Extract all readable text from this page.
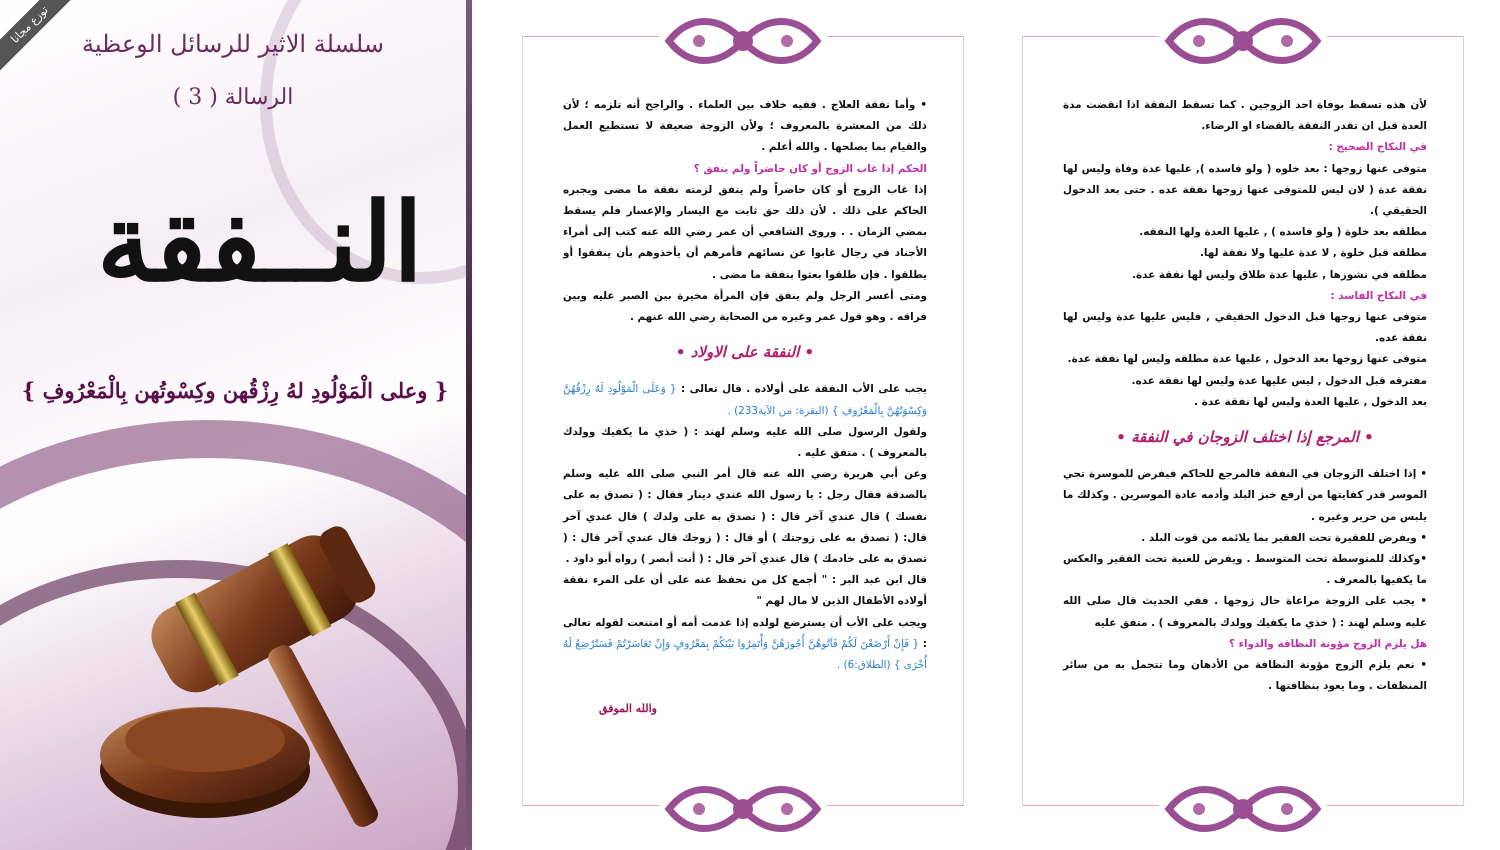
توزع مجانا	سلسلة الاثير للرسائل الوعظية
الرسالة ( 3 )
النــفقة
{ وعلى الْمَوْلُودِ لهُ رِزْقُهن وكِسْوتُهن بِالْمَعْرُوفِ }

• وأما نفقة العلاج . ففيه خلاف بين العلماء . والراجح أنه تلزمه ؛ لأن ذلك من المعشرة بالمعروف ؛ ولأن الزوجة ضعيفة لا تستطيع العمل والقيام بما يصلحها . والله أعلم .

الحكم إذا غاب الزوج أو كان حاضراً ولم ينفق ؟

إذا غاب الزوج أو كان حاضراً ولم ينفق لزمته نفقة ما مضى ويجبره الحاكم على ذلك . لأن ذلك حق ثابت مع اليسار والإعسار فلم يسقط بمضي الزمان . . وروى الشافعي أن عمر رضي الله عنه كتب إلى أمراء الأجناد في رجال غابوا عن نسائهم فأمرهم أن يأخذوهم بأن ينفقوا أو يطلقوا . فإن طلقوا بعثوا بنفقة ما مضى .

ومتى أعسر الرجل ولم ينفق فإن المرأة مخيرة بين الصبر عليه وبين فراقه . وهو قول عمر وغيره من الصحابة رضي الله عنهم .

• النفقة على الاولاد •

يجب على الأب النفقة على أولاده . قال تعالى : { وَعَلَى الْمَوْلُودِ لَهُ رِزْقُهُنَّ وَكِسْوَتُهُنَّ بِالْمَعْرُوفِ } (البقرة: من الآية233) .

ولقول الرسول صلى الله عليه وسلم لهند : ( خذي ما يكفيك وولدك بالمعروف ) . متفق عليه .

وعن أبي هريرة رضي الله عنه قال أمر النبي صلى الله عليه وسلم بالصدقة فقال رجل : يا رسول الله عندي دينار فقال : ( تصدق به على نفسك ) قال عندي آخر قال : ( تصدق به على ولدك ) قال عندي آخر قال: ( تصدق به على زوجتك ) أو قال : ( زوجك قال عندي آخر قال : ( تصدق به على خادمك ) قال عندي آخر قال : ( أنت أبصر ) رواه أبو داود .

قال ابن عبد البر : " أجمع كل من نحفظ عنه على أن على المرء نفقة أولاده الأطفال الذين لا مال لهم "

ويجب على الأب أن يسترضع لولده إذا عدمت أمه أو امتنعت لقوله تعالى : { فَإِنْ أَرْضَعْنَ لَكُمْ فَآتُوهُنَّ أُجُورَهُنَّ وَأْتَمِرُوا بَيْنَكُمْ بِمَعْرُوفٍ وَإِنْ تَعَاسَرْتُمْ فَسَتُرْضِعُ لَهُ أُخْرَى } (الطلاق:6) .

والله الموفق

لأن هذه تسقط بوفاة احد الزوجين . كما تسقط النفقة اذا انقضت مدة العدة قبل ان تقدر النفقة بالقضاء او الرضاء.

في النكاح الصحيح :

متوفى عنها زوجها : بعد خلوه ( ولو فاسده ), عليها عدة وفاة وليس لها نفقة عدة ( لان ليس للمتوفى عنها زوجها نفقة عده . حتى بعد الدخول الحقيقي ).

مطلقه بعد خلوة ( ولو فاسده ) , عليها العدة ولها النفقه.

مطلقه قبل خلوة , لا عدة عليها ولا نفقة لها.

مطلقه في نشوزها , عليها عدة طلاق وليس لها نفقة عدة.

في النكاح الفاسد :

متوفى عنها زوجها قبل الدخول الحقيقي , فليس عليها عدة وليس لها نفقة عده.

متوفى عنها زوجها بعد الدخول , عليها عدة مطلقه وليس لها نفقة عدة.

مفترقه قبل الدخول , ليس عليها عدة وليس لها نفقة عده.

بعد الدخول , عليها العدة وليس لها نفقة عدة .

• المرجع إذا اختلف الزوجان في النفقة •

• إذا اختلف الزوجان في النفقة فالمرجع للحاكم فيفرض للموسرة تحي الموسر قدر كفايتها من أرفع خبز البلد وأدمه عادة الموسرين . وكذلك ما يلبس من حرير وغيره .

• ويفرض للفقيرة تحت الفقير بما يلائمه من قوت البلد .

•وكذلك للمتوسطة تحت المتوسط . ويفرض للغنية تحت الفقير والعكس ما يكفيها بالمعرف .

• يجب على الزوجة مراعاة حال زوجها . ففي الحديث قال صلى الله عليه وسلم لهند : ( خذي ما يكفيك وولدك بالمعروف ) . متفق عليه

هل يلزم الزوج مؤونة النظافة والدواء ؟

• نعم يلزم الزوج مؤونة النظافة من الأدهان وما تتجمل به من سائر المنظفات . وما يعود بنظافتها .
